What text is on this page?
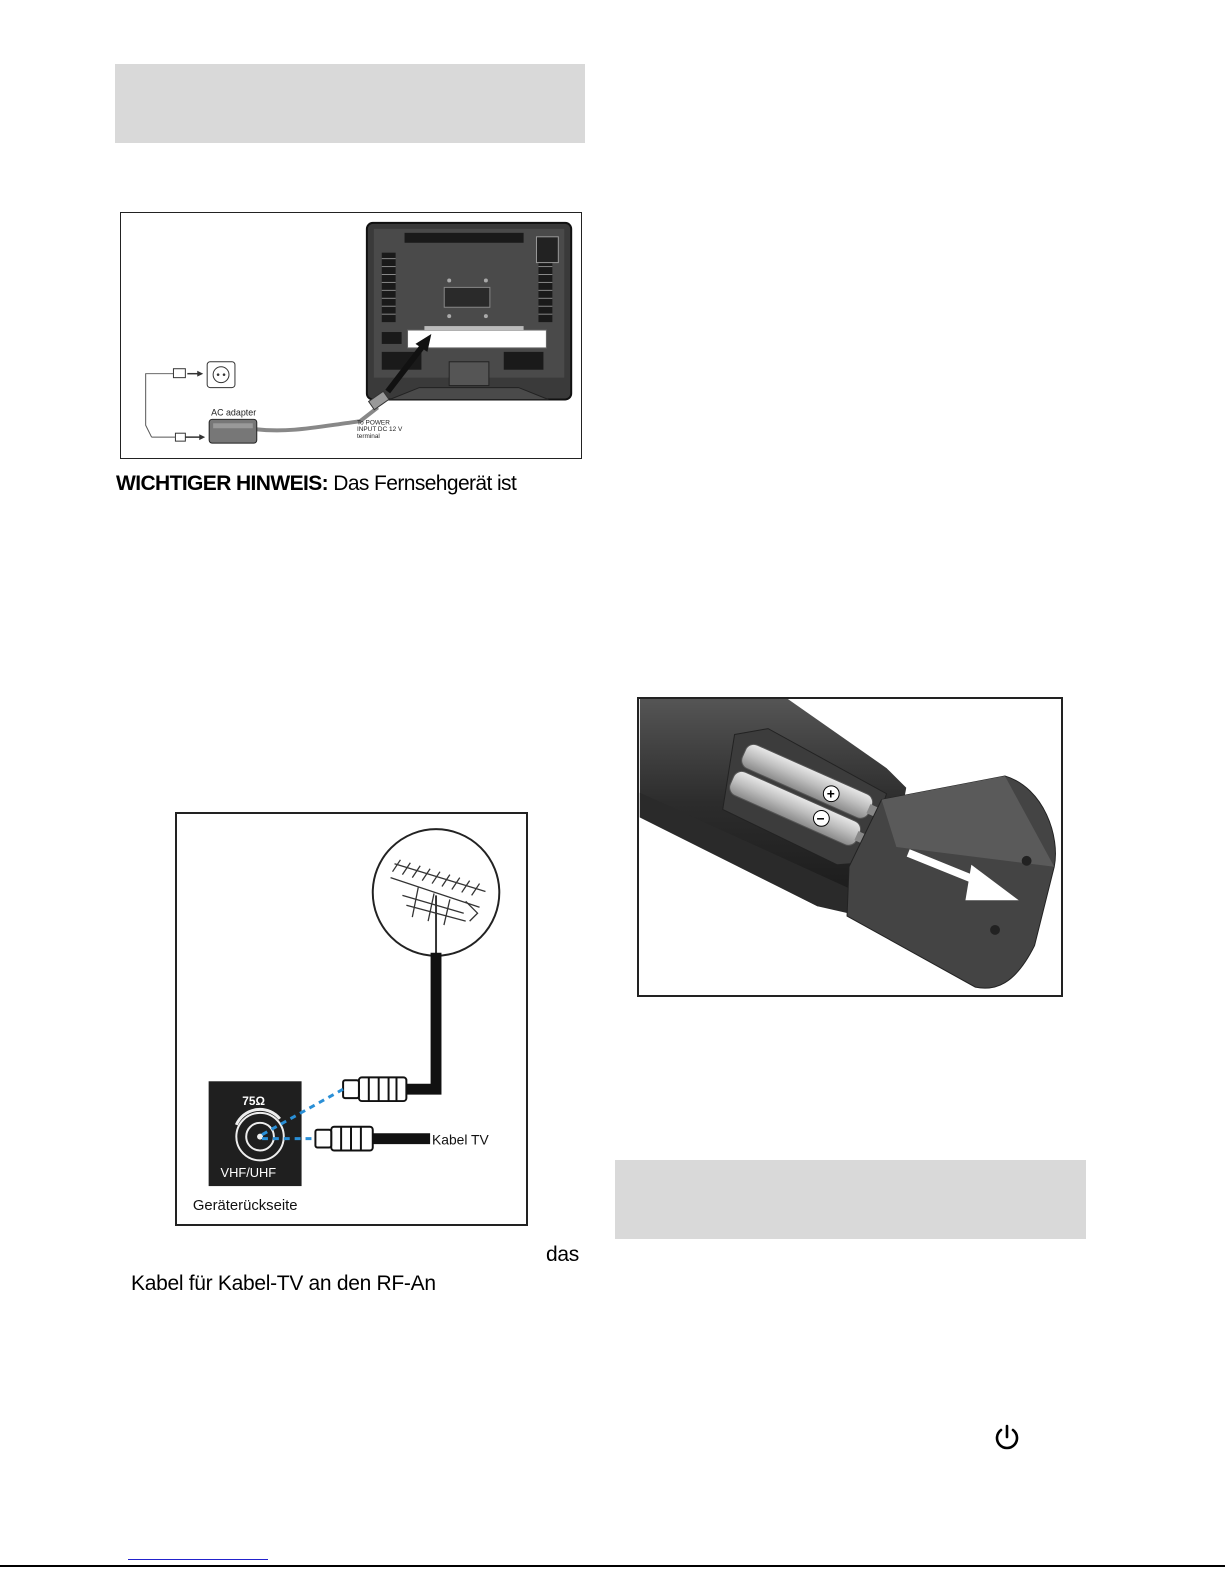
AC adapter
To POWER
INPUT DC 12 V
terminal
WICHTIGER HINWEIS: Das Fernsehgerät ist
75Ω
VHF/UHF
Geräterückseite
Kabel TV
das
Kabel für Kabel-TV an den RF-An
+
−
